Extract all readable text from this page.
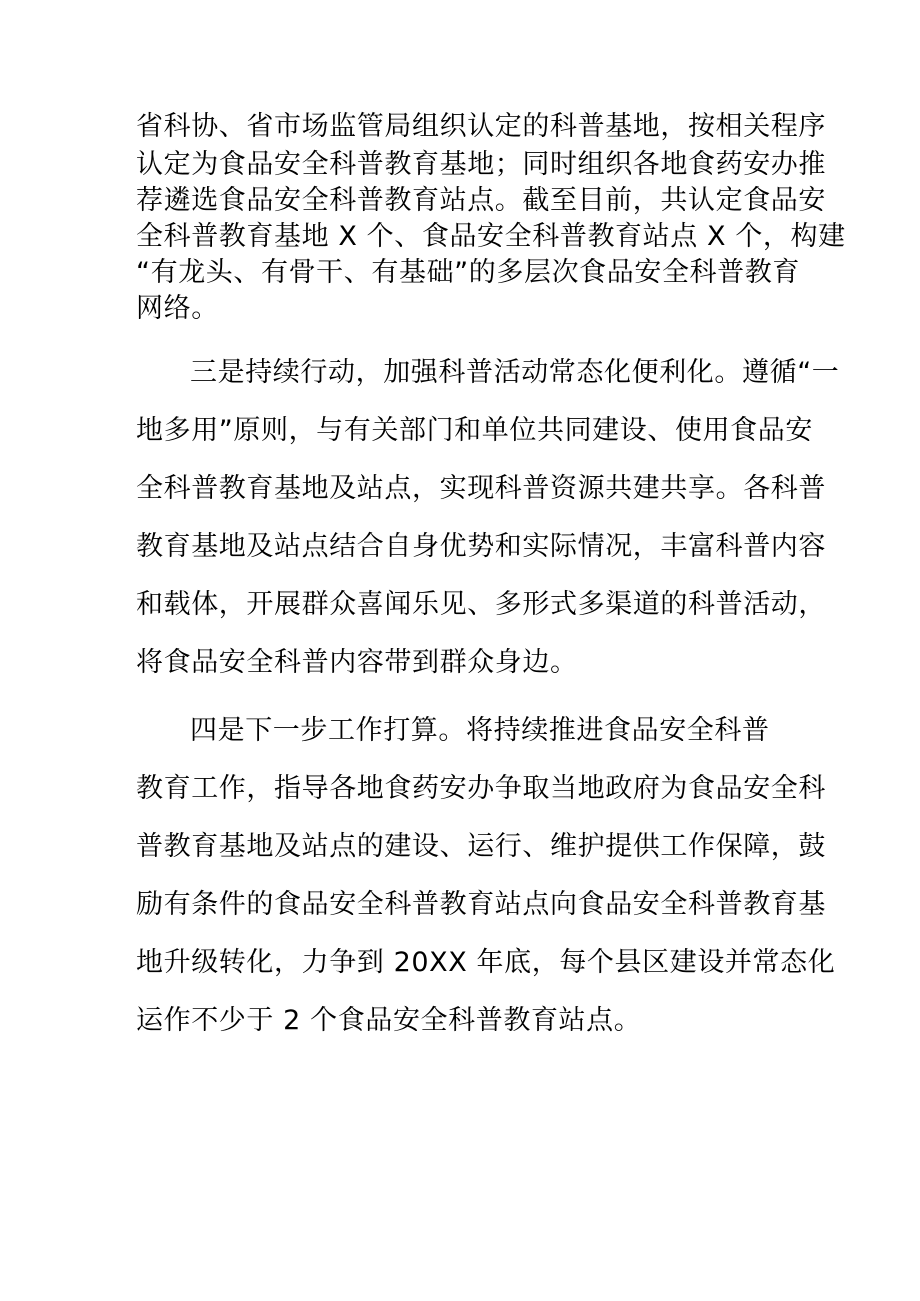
省科协、省市场监管局组织认定的科普基地，按相关程序
认定为食品安全科普教育基地；同时组织各地食药安办推
荐遴选食品安全科普教育站点。截至目前，共认定食品安
全科普教育基地 X 个、食品安全科普教育站点 X 个，构建
“有龙头、有骨干、有基础”的多层次食品安全科普教育
网络。
三是持续行动，加强科普活动常态化便利化。遵循“一
地多用”原则，与有关部门和单位共同建设、使用食品安
全科普教育基地及站点，实现科普资源共建共享。各科普
教育基地及站点结合自身优势和实际情况，丰富科普内容
和载体，开展群众喜闻乐见、多形式多渠道的科普活动，
将食品安全科普内容带到群众身边。
四是下一步工作打算。将持续推进食品安全科普
教育工作，指导各地食药安办争取当地政府为食品安全科
普教育基地及站点的建设、运行、维护提供工作保障，鼓
励有条件的食品安全科普教育站点向食品安全科普教育基
地升级转化，力争到 20XX 年底，每个县区建设并常态化
运作不少于 2 个食品安全科普教育站点。
